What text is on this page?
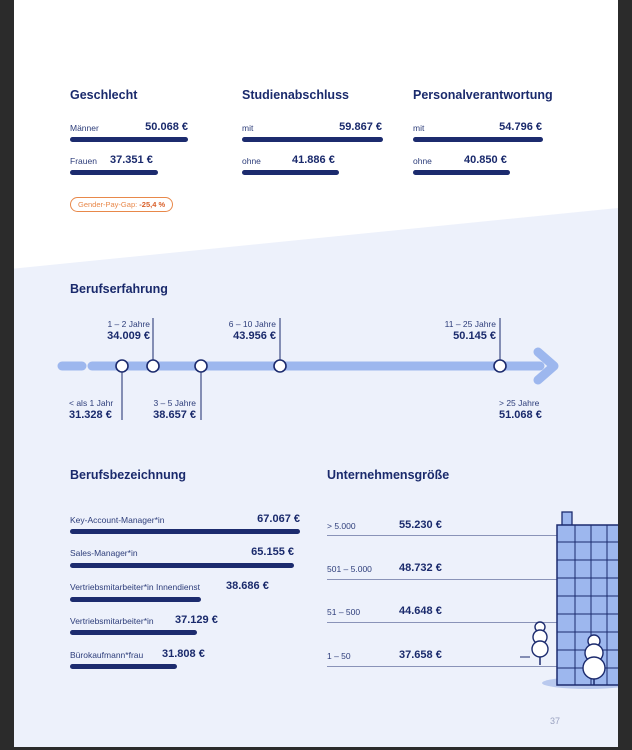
Geschlecht
Männer	50.068 €
Frauen 37.351 €
Gender-Pay-Gap: -25,4 %
Studienabschluss
mit	59.867 €
ohne	41.886 €
Personalverantwortung
mit	54.796 €
ohne	40.850 €
Berufserfahrung
1 – 2 Jahre
34.009 €
6 – 10 Jahre
43.956 €
11 – 25 Jahre
50.145 €
< als 1 Jahr
31.328 €
3 – 5 Jahre
38.657 €
> 25 Jahre
51.068 €
Berufsbezeichnung
Key-Account-Manager*in	67.067 €
Sales-Manager*in	65.155 €
Vertriebsmitarbeiter*in Innendienst 38.686 €
Vertriebsmitarbeiter*in 37.129 €
Bürokaufmann*frau 31.808 €
Unternehmensgröße
> 5.000	55.230 €
501 – 5.000 48.732 €
51 – 500	44.648 €
1 – 50	37.658 €
37
